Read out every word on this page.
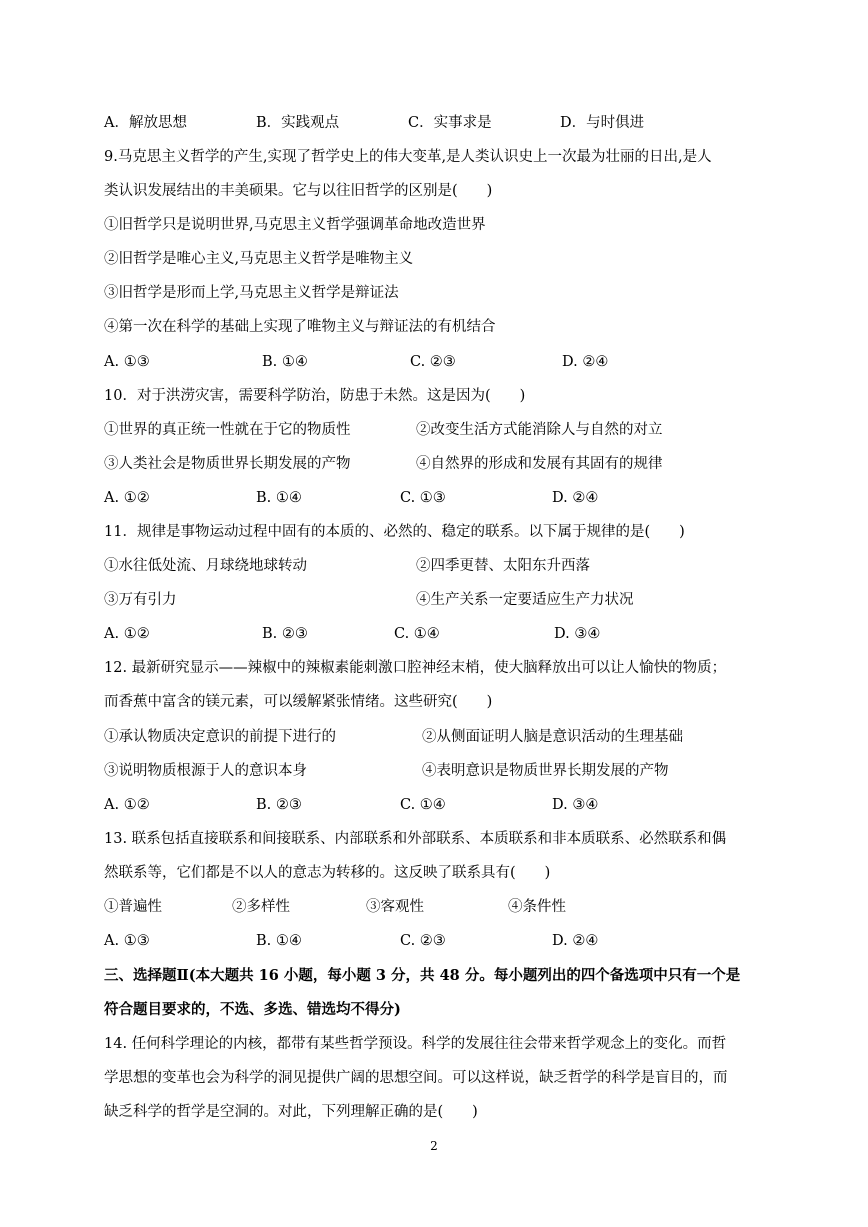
A．解放思想	B．实践观点	C．实事求是	D．与时俱进
9.马克思主义哲学的产生,实现了哲学史上的伟大变革,是人类认识史上一次最为壮丽的日出,是人
类认识发展结出的丰美硕果。它与以往旧哲学的区别是(　　)
①旧哲学只是说明世界,马克思主义哲学强调革命地改造世界
②旧哲学是唯心主义,马克思主义哲学是唯物主义
③旧哲学是形而上学,马克思主义哲学是辩证法
④第一次在科学的基础上实现了唯物主义与辩证法的有机结合
A. ①③	B. ①④	C. ②③	D. ②④
10．对于洪涝灾害，需要科学防治，防患于未然。这是因为(　　)
①世界的真正统一性就在于它的物质性	②改变生活方式能消除人与自然的对立
③人类社会是物质世界长期发展的产物	④自然界的形成和发展有其固有的规律
A. ①②	B. ①④	C. ①③	D. ②④
11．规律是事物运动过程中固有的本质的、必然的、稳定的联系。以下属于规律的是(　　)
①水往低处流、月球绕地球转动	②四季更替、太阳东升西落
③万有引力	④生产关系一定要适应生产力状况
A. ①②	B. ②③	C. ①④	D. ③④
12. 最新研究显示——辣椒中的辣椒素能刺激口腔神经末梢，使大脑释放出可以让人愉快的物质；
而香蕉中富含的镁元素，可以缓解紧张情绪。这些研究(　　)
①承认物质决定意识的前提下进行的	②从侧面证明人脑是意识活动的生理基础
③说明物质根源于人的意识本身	④表明意识是物质世界长期发展的产物
A. ①②	B. ②③	C. ①④	D. ③④
13. 联系包括直接联系和间接联系、内部联系和外部联系、本质联系和非本质联系、必然联系和偶
然联系等，它们都是不以人的意志为转移的。这反映了联系具有(　　)
①普遍性	②多样性	③客观性	④条件性
A. ①③	B. ①④	C. ②③	D. ②④
三、选择题Ⅱ(本大题共 16 小题，每小题 3 分，共 48 分。每小题列出的四个备选项中只有一个是
符合题目要求的，不选、多选、错选均不得分)
14. 任何科学理论的内核，都带有某些哲学预设。科学的发展往往会带来哲学观念上的变化。而哲
学思想的变革也会为科学的洞见提供广阔的思想空间。可以这样说，缺乏哲学的科学是盲目的，而
缺乏科学的哲学是空洞的。对此，下列理解正确的是(　　)
2
